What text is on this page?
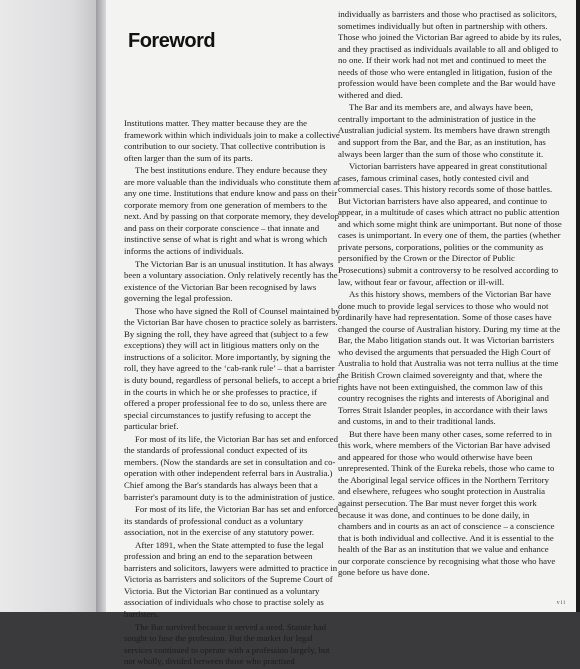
Foreword

Institutions matter. They matter because they are the framework within which individuals join to make a collective contribution to our society. That collective contribution is often larger than the sum of its parts.

The best institutions endure. They endure because they are more valuable than the individuals who constitute them at any one time. Institutions that endure know and pass on their corporate memory from one generation of members to the next. And by passing on that corporate memory, they develop and pass on their corporate conscience – that innate and instinctive sense of what is right and what is wrong which informs the actions of individuals.

The Victorian Bar is an unusual institution. It has always been a voluntary association. Only relatively recently has the existence of the Victorian Bar been recognised by laws governing the legal profession.

Those who have signed the Roll of Counsel maintained by the Victorian Bar have chosen to practice solely as barristers. By signing the roll, they have agreed that (subject to a few exceptions) they will act in litigious matters only on the instructions of a solicitor. More importantly, by signing the roll, they have agreed to the ‘cab-rank rule’ – that a barrister is duty bound, regardless of personal beliefs, to accept a brief in the courts in which he or she professes to practice, if offered a proper professional fee to do so, unless there are special circumstances to justify refusing to accept the particular brief.

For most of its life, the Victorian Bar has set and enforced the standards of professional conduct expected of its members. (Now the standards are set in consultation and co-operation with other independent referral bars in Australia.) Chief among the Bar's standards has always been that a barrister's paramount duty is to the administration of justice.

For most of its life, the Victorian Bar has set and enforced its standards of professional conduct as a voluntary association, not in the exercise of any statutory power.

After 1891, when the State attempted to fuse the legal profession and bring an end to the separation between barristers and solicitors, lawyers were admitted to practice in Victoria as barristers and solicitors of the Supreme Court of Victoria. But the Victorian Bar continued as a voluntary association of individuals who chose to practise solely as barristers.

The Bar survived because it served a need. Statute had sought to fuse the profession. But the market for legal services continued to operate with a profession largely, but not wholly, divided between those who practised

individually as barristers and those who practised as solicitors, sometimes individually but often in partnership with others. Those who joined the Victorian Bar agreed to abide by its rules, and they practised as individuals available to all and obliged to no one. If their work had not met and continued to meet the needs of those who were entangled in litigation, fusion of the profession would have been complete and the Bar would have withered and died.

The Bar and its members are, and always have been, centrally important to the administration of justice in the Australian judicial system. Its members have drawn strength and support from the Bar, and the Bar, as an institution, has always been larger than the sum of those who constitute it.

Victorian barristers have appeared in great constitutional cases, famous criminal cases, hotly contested civil and commercial cases. This history records some of those battles. But Victorian barristers have also appeared, and continue to appear, in a multitude of cases which attract no public attention and which some might think are unimportant. But none of those cases is unimportant. In every one of them, the parties (whether private persons, corporations, polities or the community as personified by the Crown or the Director of Public Prosecutions) submit a controversy to be resolved according to law, without fear or favour, affection or ill-will.

As this history shows, members of the Victorian Bar have done much to provide legal services to those who would not ordinarily have had representation. Some of those cases have changed the course of Australian history. During my time at the Bar, the Mabo litigation stands out. It was Victorian barristers who devised the arguments that persuaded the High Court of Australia to hold that Australia was not terra nullius at the time the British Crown claimed sovereignty and that, where the rights have not been extinguished, the common law of this country recognises the rights and interests of Aboriginal and Torres Strait Islander peoples, in accordance with their laws and customs, in and to their traditional lands.

But there have been many other cases, some referred to in this work, where members of the Victorian Bar have advised and appeared for those who would otherwise have been unrepresented. Think of the Eureka rebels, those who came to the Aboriginal legal service offices in the Northern Territory and elsewhere, refugees who sought protection in Australia against persecution. The Bar must never forget this work because it was done, and continues to be done daily, in chambers and in courts as an act of conscience – a conscience that is both individual and collective. And it is essential to the health of the Bar as an institution that we value and enhance our corporate conscience by recognising what those who have gone before us have done.

vii
